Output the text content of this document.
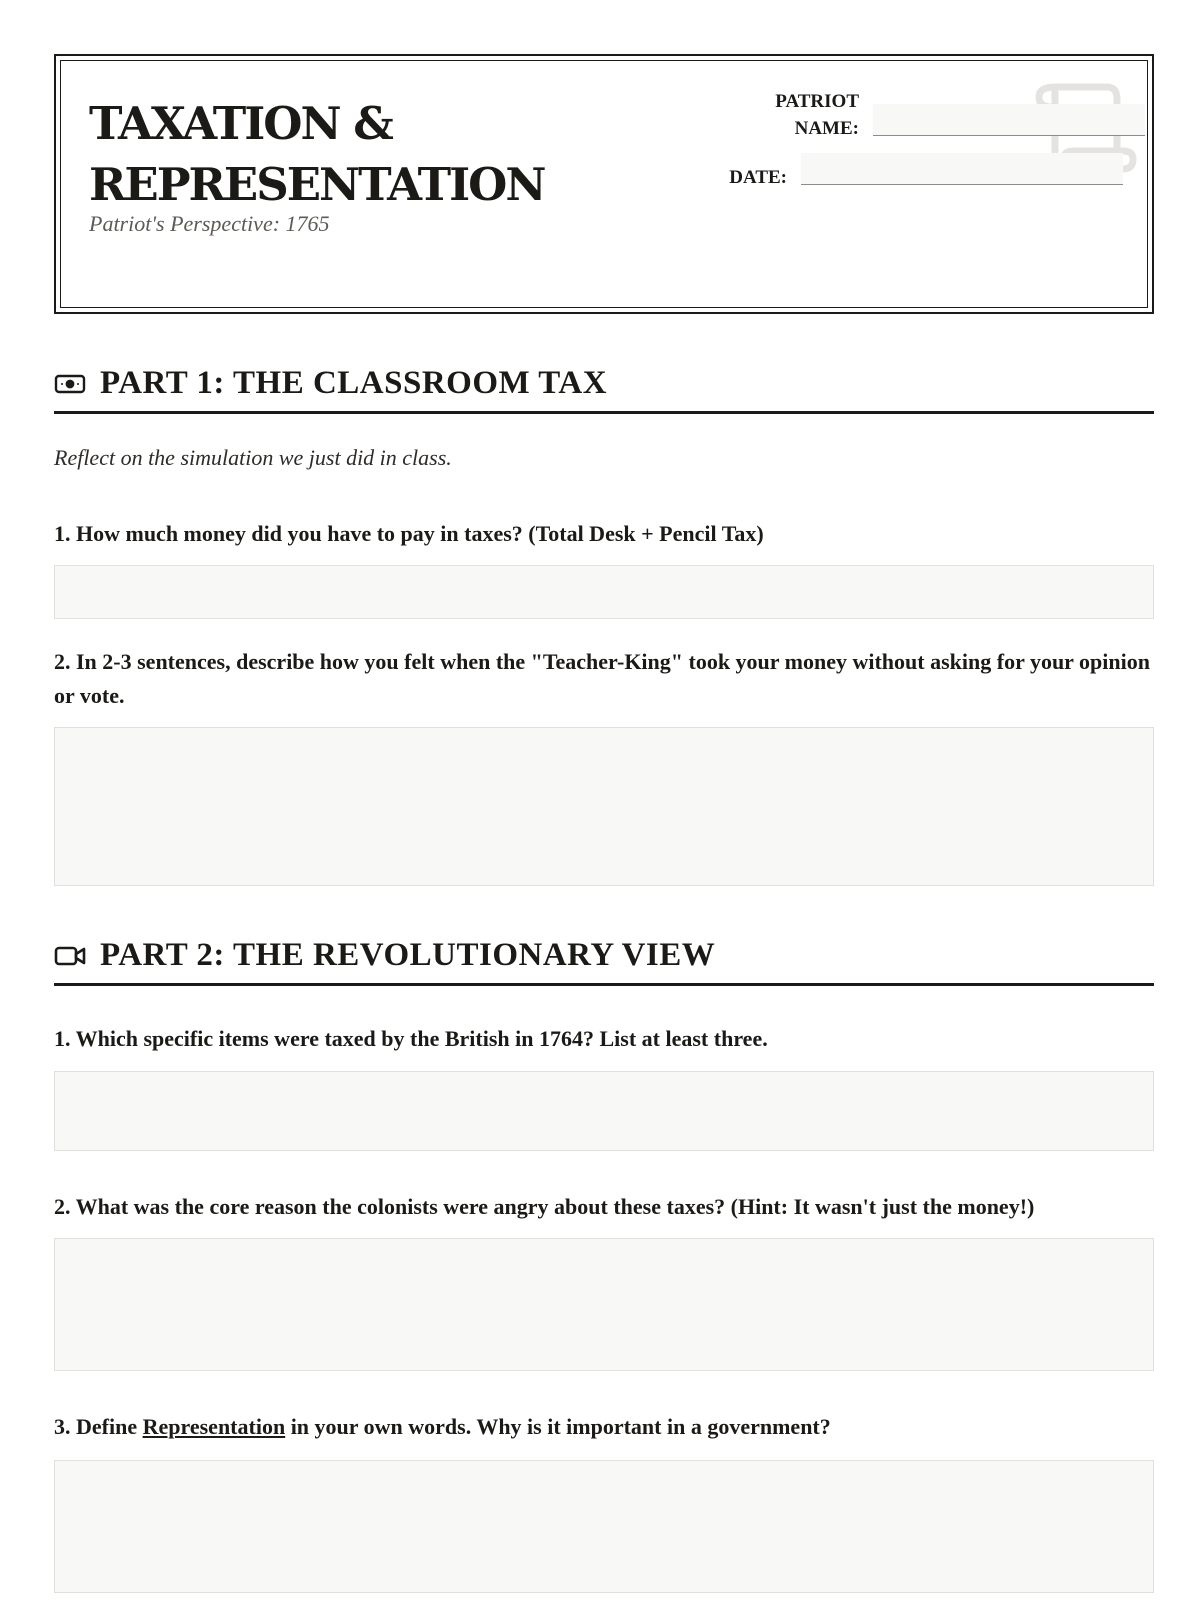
TAXATION &
REPRESENTATION
Patriot's Perspective: 1765
PATRIOT
NAME:
DATE:
PART 1: THE CLASSROOM TAX
Reflect on the simulation we just did in class.
1. How much money did you have to pay in taxes? (Total Desk + Pencil Tax)
2. In 2-3 sentences, describe how you felt when the "Teacher-King" took your money without asking for your opinion or vote.
PART 2: THE REVOLUTIONARY VIEW
1. Which specific items were taxed by the British in 1764? List at least three.
2. What was the core reason the colonists were angry about these taxes? (Hint: It wasn't just the money!)
3. Define Representation in your own words. Why is it important in a government?
